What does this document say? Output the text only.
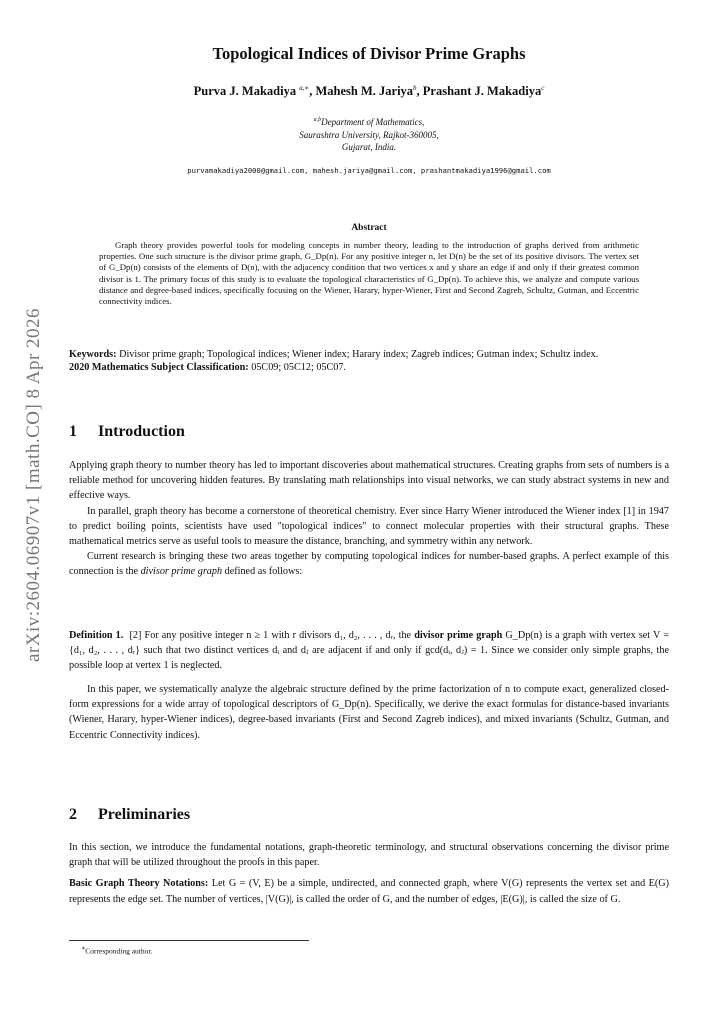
arXiv:2604.06907v1 [math.CO] 8 Apr 2026
Topological Indices of Divisor Prime Graphs
Purva J. Makadiya $^{a,∗}$, Mahesh M. Jariya$^b$, Prashant J. Makadiya$^c$
$^{a,b}$Department of Mathematics,
Saurashtra University, Rajkot-360005,
Gujarat, India.
purvamakadiya2000@gmail.com, mahesh.jariya@gmail.com, prashantmakadiya1996@gmail.com
Abstract

Graph theory provides powerful tools for modeling concepts in number theory, leading to the introduction of graphs derived from arithmetic properties. One such structure is the divisor prime graph, G_Dp(n). For any positive integer n, let D(n) be the set of its positive divisors. The vertex set of G_Dp(n) consists of the elements of D(n), with the adjacency condition that two vertices x and y share an edge if and only if their greatest common divisor is 1. The primary focus of this study is to evaluate the topological characteristics of G_Dp(n). To achieve this, we analyze and compute various distance and degree-based indices, specifically focusing on the Wiener, Harary, hyper-Wiener, First and Second Zagreb, Schultz, Gutman, and Eccentric connectivity indices.

Keywords: Divisor prime graph; Topological indices; Wiener index; Harary index; Zagreb indices; Gutman index; Schultz index.

2020 Mathematics Subject Classification: 05C09; 05C12; 05C07.

1 Introduction

Applying graph theory to number theory has led to important discoveries about mathematical structures. Creating graphs from sets of numbers is a reliable method for uncovering hidden features. By translating math relationships into visual networks, we can study abstract systems in new and effective ways.

In parallel, graph theory has become a cornerstone of theoretical chemistry. Ever since Harry Wiener introduced the Wiener index [1] in 1947 to predict boiling points, scientists have used "topological indices" to connect molecular properties with their structural graphs. These mathematical metrics serve as useful tools to measure the distance, branching, and symmetry within any network.

Current research is bringing these two areas together by computing topological indices for number-based graphs. A perfect example of this connection is the divisor prime graph defined as follows:

Definition 1. [2] For any positive integer n ≥ 1 with r divisors d₁, d₂, . . . , dᵣ, the divisor prime graph G_Dp(n) is a graph with vertex set V = {d₁, d₂, . . . , dᵣ} such that two distinct vertices dᵢ and dⱼ are adjacent if and only if gcd(dᵢ, dⱼ) = 1. Since we consider only simple graphs, the possible loop at vertex 1 is neglected.

In this paper, we systematically analyze the algebraic structure defined by the prime factorization of n to compute exact, generalized closed-form expressions for a wide array of topological descriptors of G_Dp(n). Specifically, we derive the exact formulas for distance-based invariants (Wiener, Harary, hyper-Wiener indices), degree-based invariants (First and Second Zagreb indices), and mixed invariants (Schultz, Gutman, and Eccentric Connectivity indices).

2 Preliminaries

In this section, we introduce the fundamental notations, graph-theoretic terminology, and structural observations concerning the divisor prime graph that will be utilized throughout the proofs in this paper.

Basic Graph Theory Notations: Let G = (V, E) be a simple, undirected, and connected graph, where V(G) represents the vertex set and E(G) represents the edge set. The number of vertices, |V(G)|, is called the order of G, and the number of edges, |E(G)|, is called the size of G.

∗Corresponding author.
